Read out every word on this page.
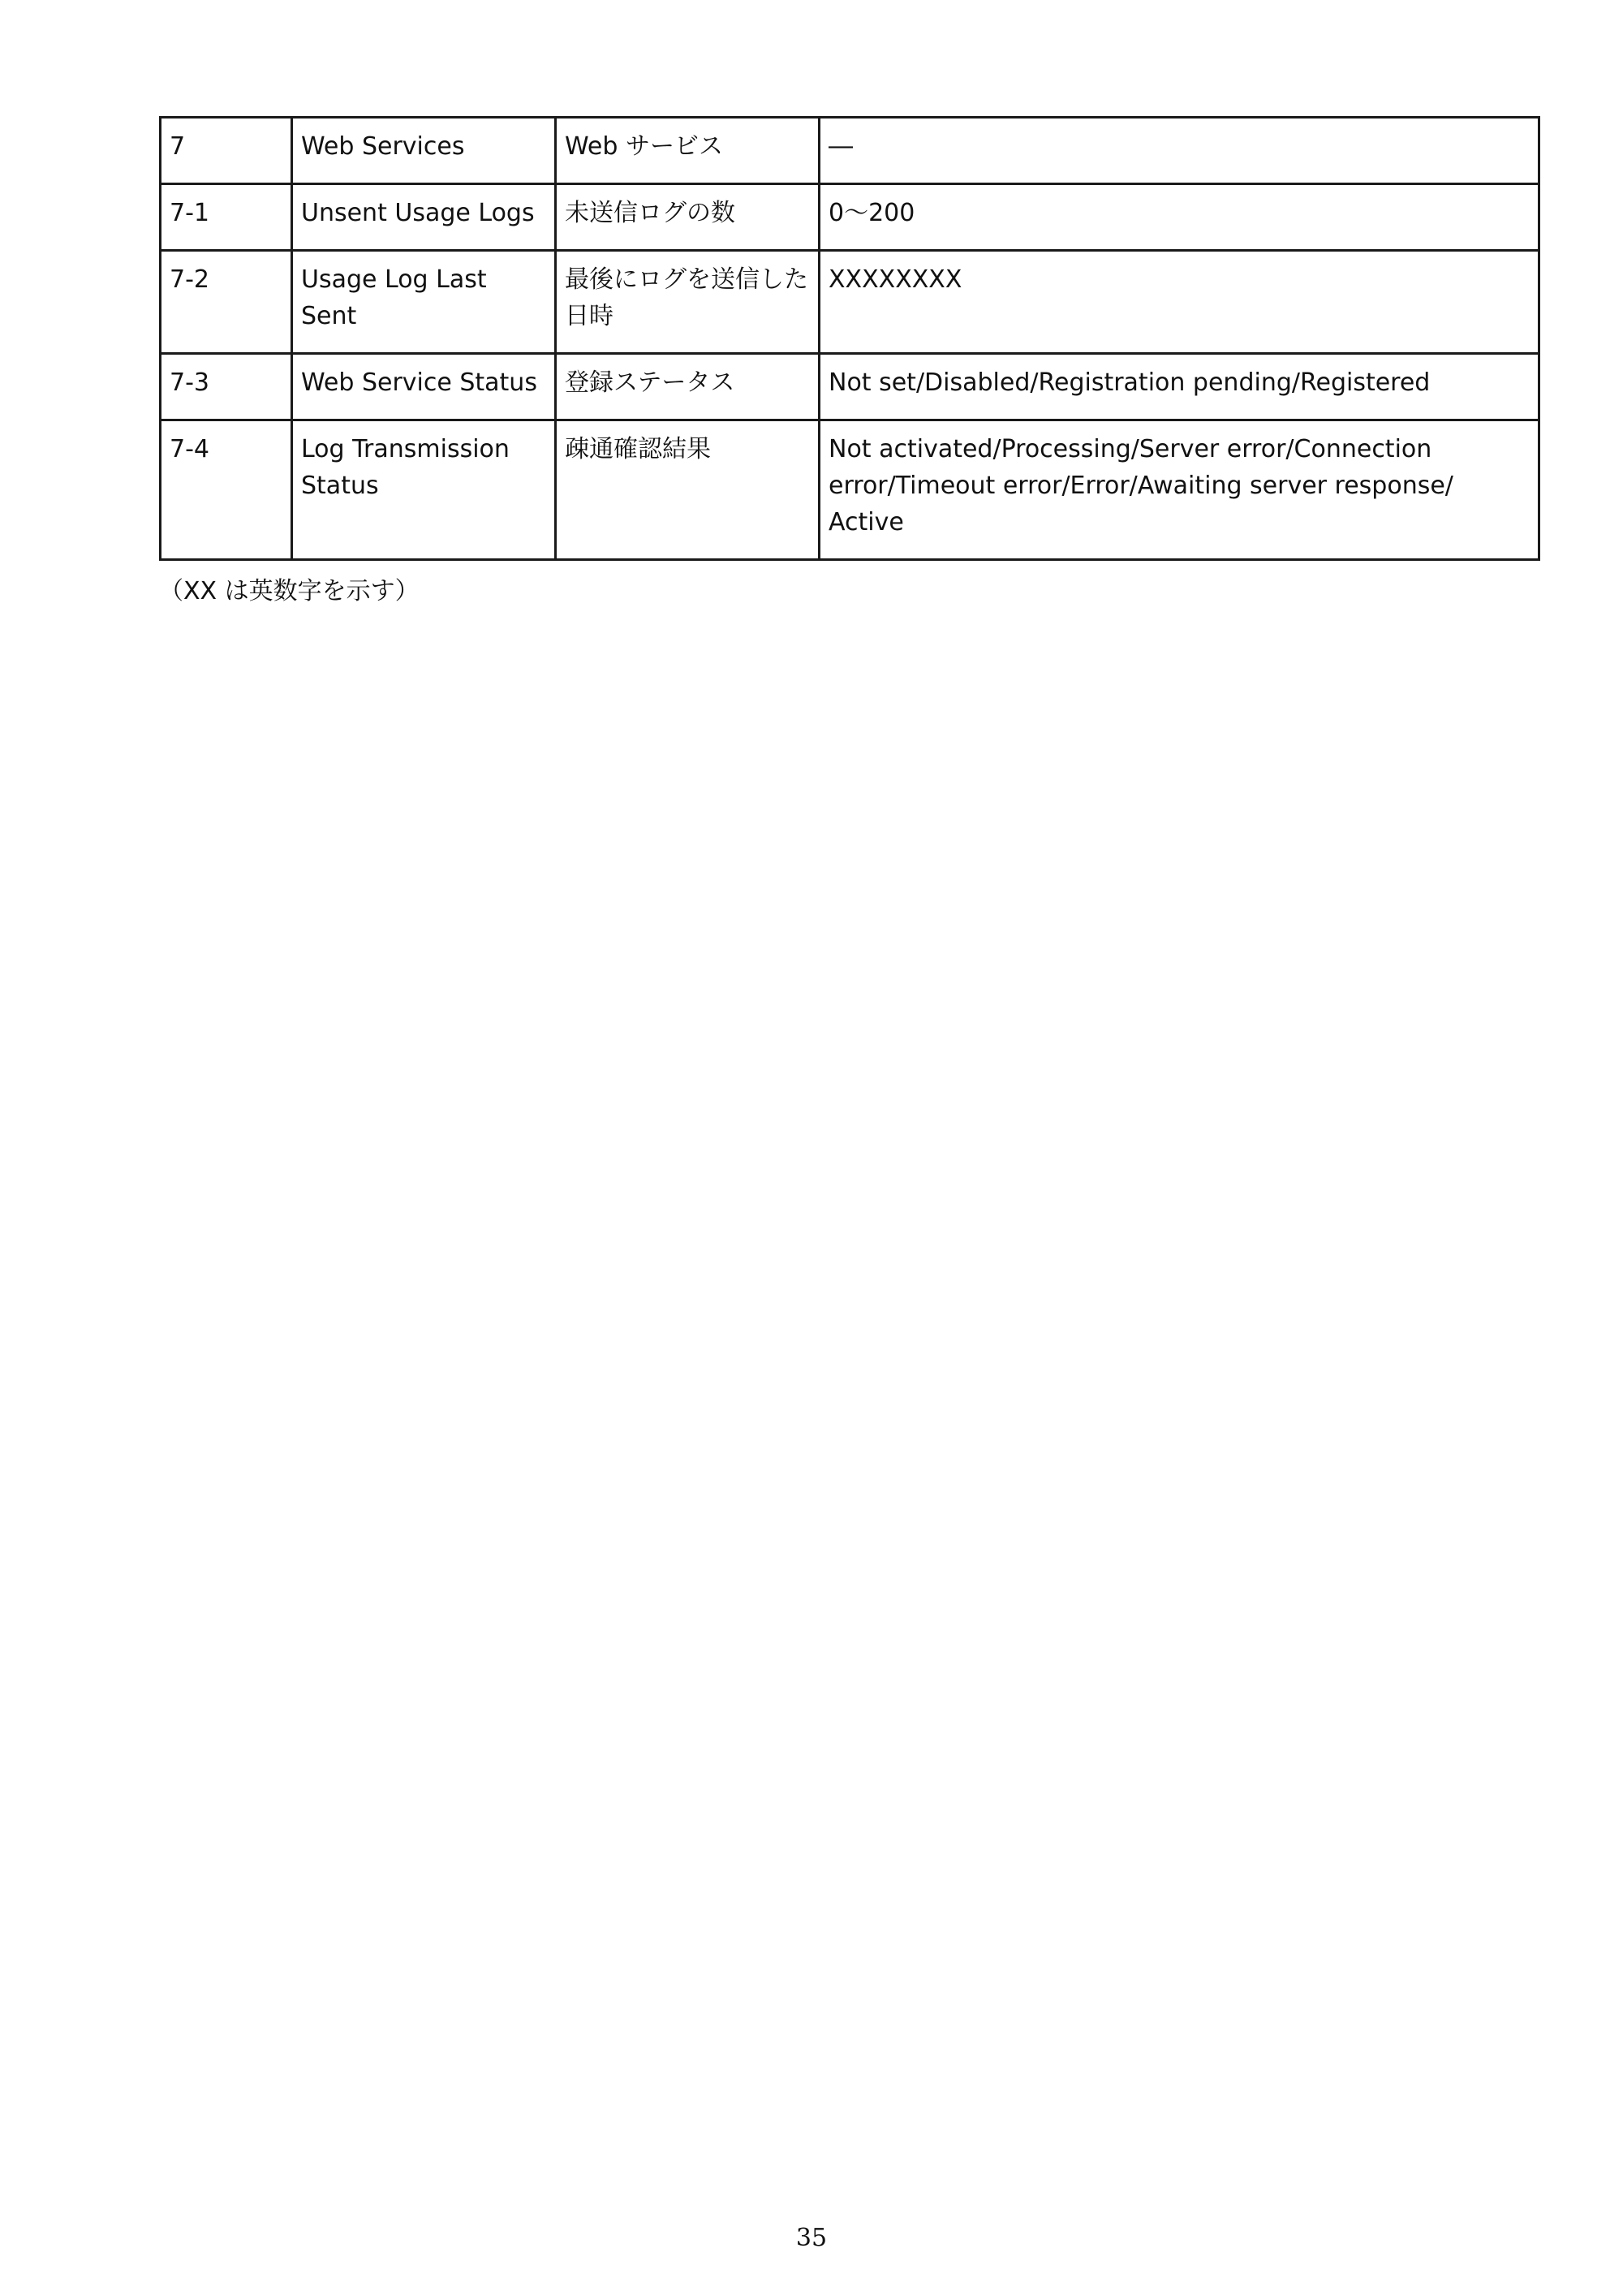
7	Web Services	Web サービス	―
7-1	Unsent Usage Logs	未送信ログの数	0～200
7-2	Usage Log Last Sent	最後にログを送信した日時	XXXXXXXX
7-3	Web Service Status	登録ステータス	Not set/Disabled/Registration pending/Registered
7-4	Log Transmission Status	疎通確認結果	Not activated/Processing/Server error/Connection error/Timeout error/Error/Awaiting server response/ Active
（XX は英数字を示す）
35
